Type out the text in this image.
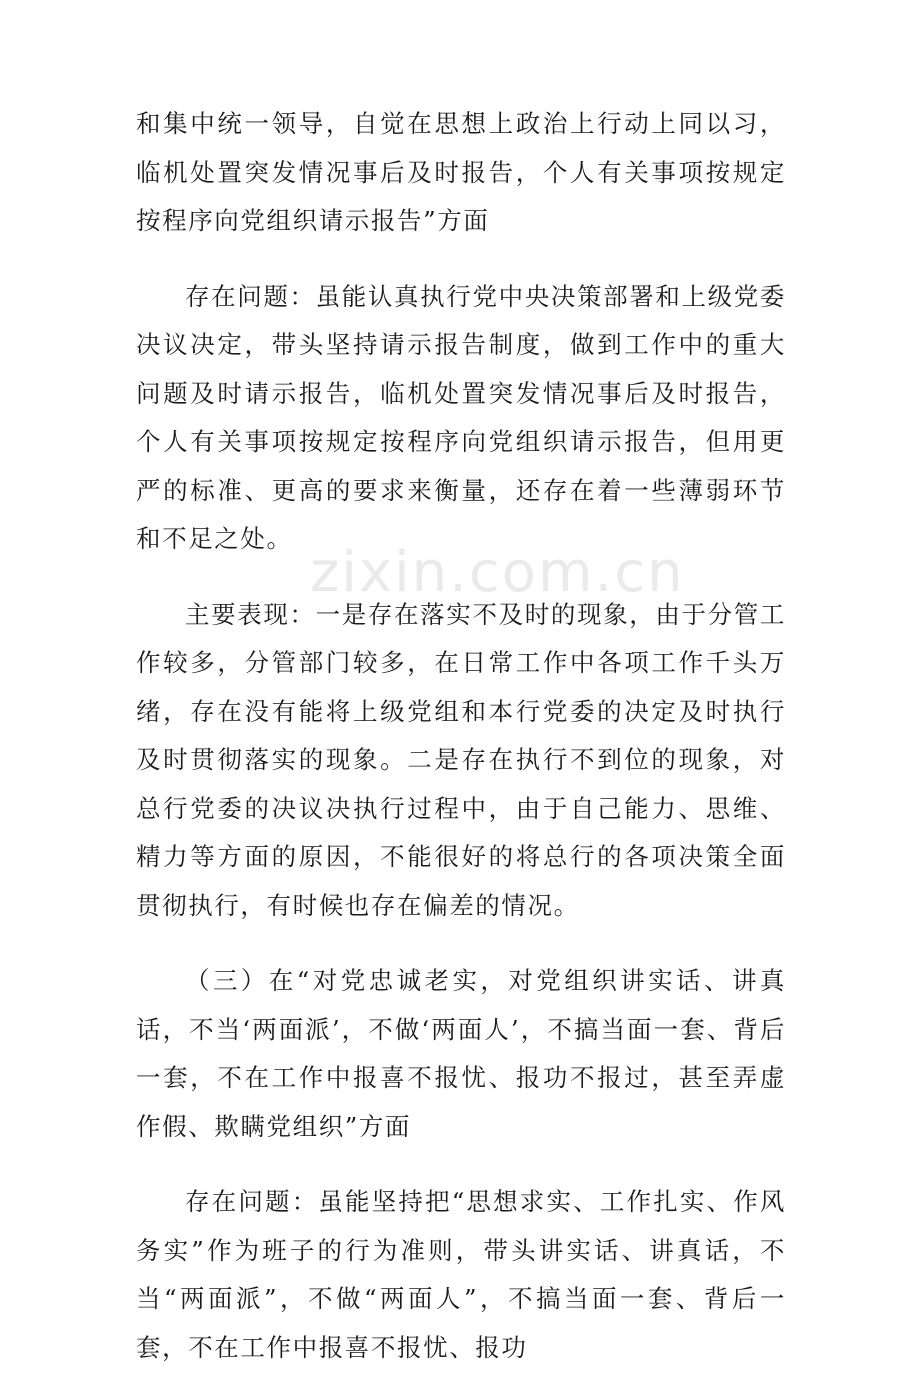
和集中统一领导，自觉在思想上政治上行动上同以习，临机处置突发情况事后及时报告，个人有关事项按规定按程序向党组织请示报告”方面

存在问题：虽能认真执行党中央决策部署和上级党委决议决定，带头坚持请示报告制度，做到工作中的重大问题及时请示报告，临机处置突发情况事后及时报告，个人有关事项按规定按程序向党组织请示报告，但用更严的标准、更高的要求来衡量，还存在着一些薄弱环节和不足之处。

主要表现：一是存在落实不及时的现象，由于分管工作较多，分管部门较多，在日常工作中各项工作千头万绪，存在没有能将上级党组和本行党委的决定及时执行及时贯彻落实的现象。二是存在执行不到位的现象，对总行党委的决议决执行过程中，由于自己能力、思维、精力等方面的原因，不能很好的将总行的各项决策全面贯彻执行，有时候也存在偏差的情况。

（三）在“对党忠诚老实，对党组织讲实话、讲真话，不当‘两面派’，不做‘两面人’，不搞当面一套、背后一套，不在工作中报喜不报忧、报功不报过，甚至弄虚作假、欺瞒党组织”方面

存在问题：虽能坚持把“思想求实、工作扎实、作风务实”作为班子的行为准则，带头讲实话、讲真话，不当“两面派”，不做“两面人”，不搞当面一套、背后一套，不在工作中报喜不报忧、报功

zixin.com.cn
